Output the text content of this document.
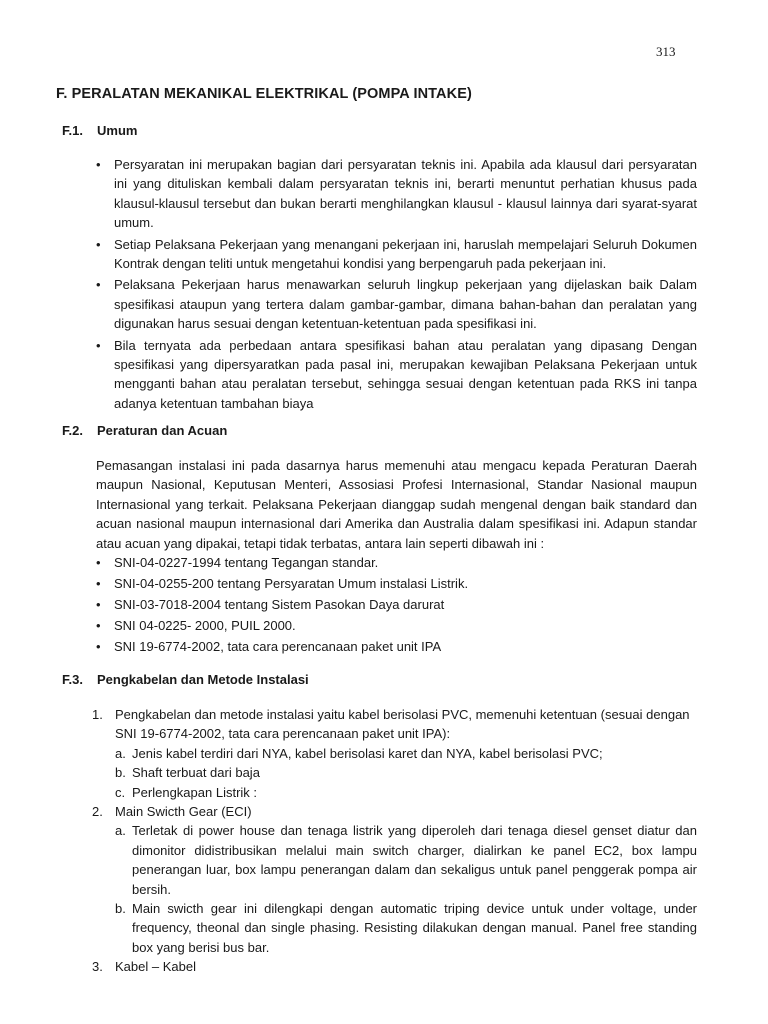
313
F. PERALATAN MEKANIKAL ELEKTRIKAL (POMPA INTAKE)
F.1. Umum
• Persyaratan ini merupakan bagian dari persyaratan teknis ini. Apabila ada klausul dari persyaratan ini yang dituliskan kembali dalam persyaratan teknis ini, berarti menuntut perhatian khusus pada klausul-klausul tersebut dan bukan berarti menghilangkan klausul - klausul lainnya dari syarat-syarat umum.
• Setiap Pelaksana Pekerjaan yang menangani pekerjaan ini, haruslah mempelajari Seluruh Dokumen Kontrak dengan teliti untuk mengetahui kondisi yang berpengaruh pada pekerjaan ini.
• Pelaksana Pekerjaan harus menawarkan seluruh lingkup pekerjaan yang dijelaskan baik Dalam spesifikasi ataupun yang tertera dalam gambar-gambar, dimana bahan-bahan dan peralatan yang digunakan harus sesuai dengan ketentuan-ketentuan pada spesifikasi ini.
• Bila ternyata ada perbedaan antara spesifikasi bahan atau peralatan yang dipasang Dengan spesifikasi yang dipersyaratkan pada pasal ini, merupakan kewajiban Pelaksana Pekerjaan untuk mengganti bahan atau peralatan tersebut, sehingga sesuai dengan ketentuan pada RKS ini tanpa adanya ketentuan tambahan biaya
F.2. Peraturan dan Acuan

Pemasangan instalasi ini pada dasarnya harus memenuhi atau mengacu kepada Peraturan Daerah maupun Nasional, Keputusan Menteri, Assosiasi Profesi Internasional, Standar Nasional maupun Internasional yang terkait. Pelaksana Pekerjaan dianggap sudah mengenal dengan baik standard dan acuan nasional maupun internasional dari Amerika dan Australia dalam spesifikasi ini. Adapun standar atau acuan yang dipakai, tetapi tidak terbatas, antara lain seperti dibawah ini :

• SNI-04-0227-1994 tentang Tegangan standar.
• SNI-04-0255-200 tentang Persyaratan Umum instalasi Listrik.
• SNI-03-7018-2004 tentang Sistem Pasokan Daya darurat
• SNI 04-0225- 2000, PUIL 2000.
• SNI 19-6774-2002, tata cara perencanaan paket unit IPA
F.3. Pengkabelan dan Metode Instalasi
1. Pengkabelan dan metode instalasi yaitu kabel berisolasi PVC, memenuhi ketentuan (sesuai dengan SNI 19-6774-2002, tata cara perencanaan paket unit IPA):
a. Jenis kabel terdiri dari NYA, kabel berisolasi karet dan NYA, kabel berisolasi PVC;
b. Shaft terbuat dari baja
c. Perlengkapan Listrik :
2. Main Swicth Gear (ECI)
a. Terletak di power house dan tenaga listrik yang diperoleh dari tenaga diesel genset diatur dan dimonitor didistribusikan melalui main switch charger, dialirkan ke panel EC2, box lampu penerangan luar, box lampu penerangan dalam dan sekaligus untuk panel penggerak pompa air bersih.
b. Main swicth gear ini dilengkapi dengan automatic triping device untuk under voltage, under frequency, theonal dan single phasing. Resisting dilakukan dengan manual. Panel free standing box yang berisi bus bar.
3. Kabel – Kabel
